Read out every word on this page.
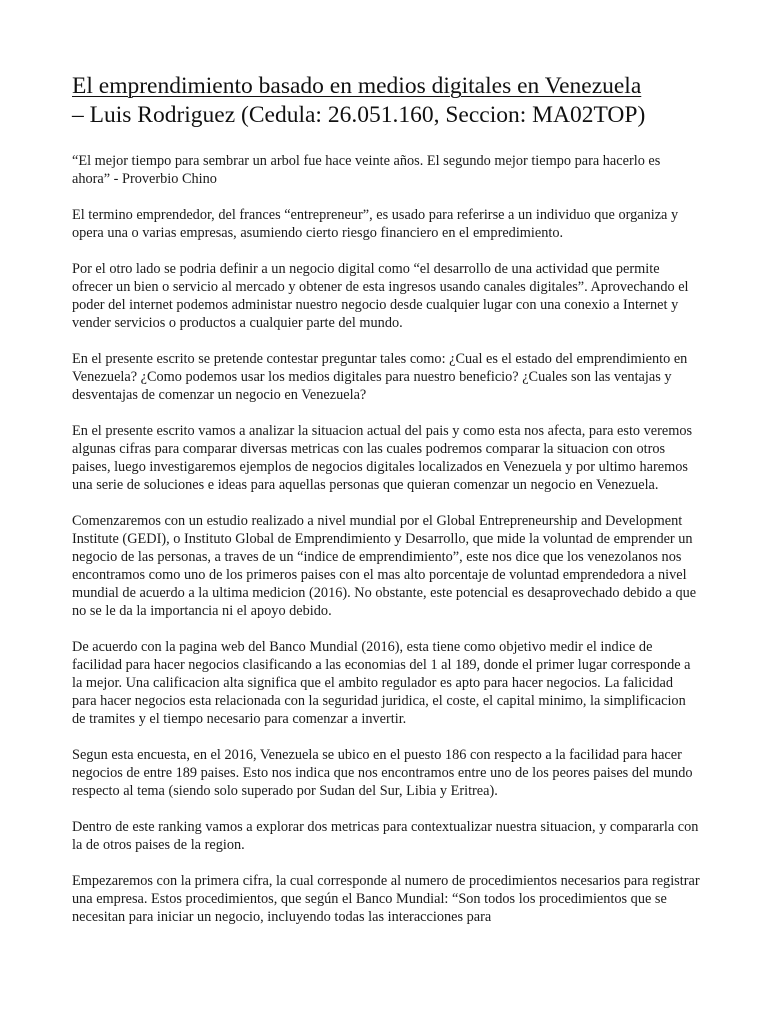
El emprendimiento basado en medios digitales en Venezuela
– Luis Rodriguez (Cedula: 26.051.160, Seccion: MA02TOP)

“El mejor tiempo para sembrar un arbol fue hace veinte años. El segundo mejor tiempo para hacerlo es ahora” - Proverbio Chino

El termino emprendedor, del frances “entrepreneur”, es usado para referirse a un individuo que organiza y opera una o varias empresas, asumiendo cierto riesgo financiero en el empredimiento.

Por el otro lado se podria definir a un negocio digital como “el desarrollo de una actividad que permite ofrecer un bien o servicio al mercado y obtener de esta ingresos usando canales digitales”. Aprovechando el poder del internet podemos administar nuestro negocio desde cualquier lugar con una conexio a Internet y vender servicios o productos a cualquier parte del mundo.

En el presente escrito se pretende contestar preguntar tales como: ¿Cual es el estado del emprendimiento en Venezuela? ¿Como podemos usar los medios digitales para nuestro beneficio? ¿Cuales son las ventajas y desventajas de comenzar un negocio en Venezuela?

En el presente escrito vamos a analizar la situacion actual del pais y como esta nos afecta, para esto veremos algunas cifras para comparar diversas metricas con las cuales podremos comparar la situacion con otros paises, luego investigaremos ejemplos de negocios digitales localizados en Venezuela y por ultimo haremos una serie de soluciones e ideas para aquellas personas que quieran comenzar un negocio en Venezuela.

Comenzaremos con un estudio realizado a nivel mundial por el Global Entrepreneurship and Development Institute (GEDI), o Instituto Global de Emprendimiento y Desarrollo, que mide la voluntad de emprender un negocio de las personas, a traves de un “indice de emprendimiento”, este nos dice que los venezolanos nos encontramos como uno de los primeros paises con el mas alto porcentaje de voluntad emprendedora a nivel mundial de acuerdo a la ultima medicion (2016). No obstante, este potencial es desaprovechado debido a que no se le da la importancia ni el apoyo debido.

De acuerdo con la pagina web del Banco Mundial (2016), esta tiene como objetivo medir el indice de facilidad para hacer negocios clasificando a las economias del 1 al 189, donde el primer lugar corresponde a la mejor. Una calificacion alta significa que el ambito regulador es apto para hacer negocios. La falicidad para hacer negocios esta relacionada con la seguridad juridica, el coste, el capital minimo, la simplificacion de tramites y el tiempo necesario para comenzar a invertir.

Segun esta encuesta, en el 2016, Venezuela se ubico en el puesto 186 con respecto a la facilidad para hacer negocios de entre 189 paises. Esto nos indica que nos encontramos entre uno de los peores paises del mundo respecto al tema (siendo solo superado por Sudan del Sur, Libia y Eritrea).

Dentro de este ranking vamos a explorar dos metricas para contextualizar nuestra situacion, y compararla con la de otros paises de la region.

Empezaremos con la primera cifra, la cual corresponde al numero de procedimientos necesarios para registrar una empresa. Estos procedimientos, que según el Banco Mundial: “Son todos los procedimientos que se necesitan para iniciar un negocio, incluyendo todas las interacciones para
